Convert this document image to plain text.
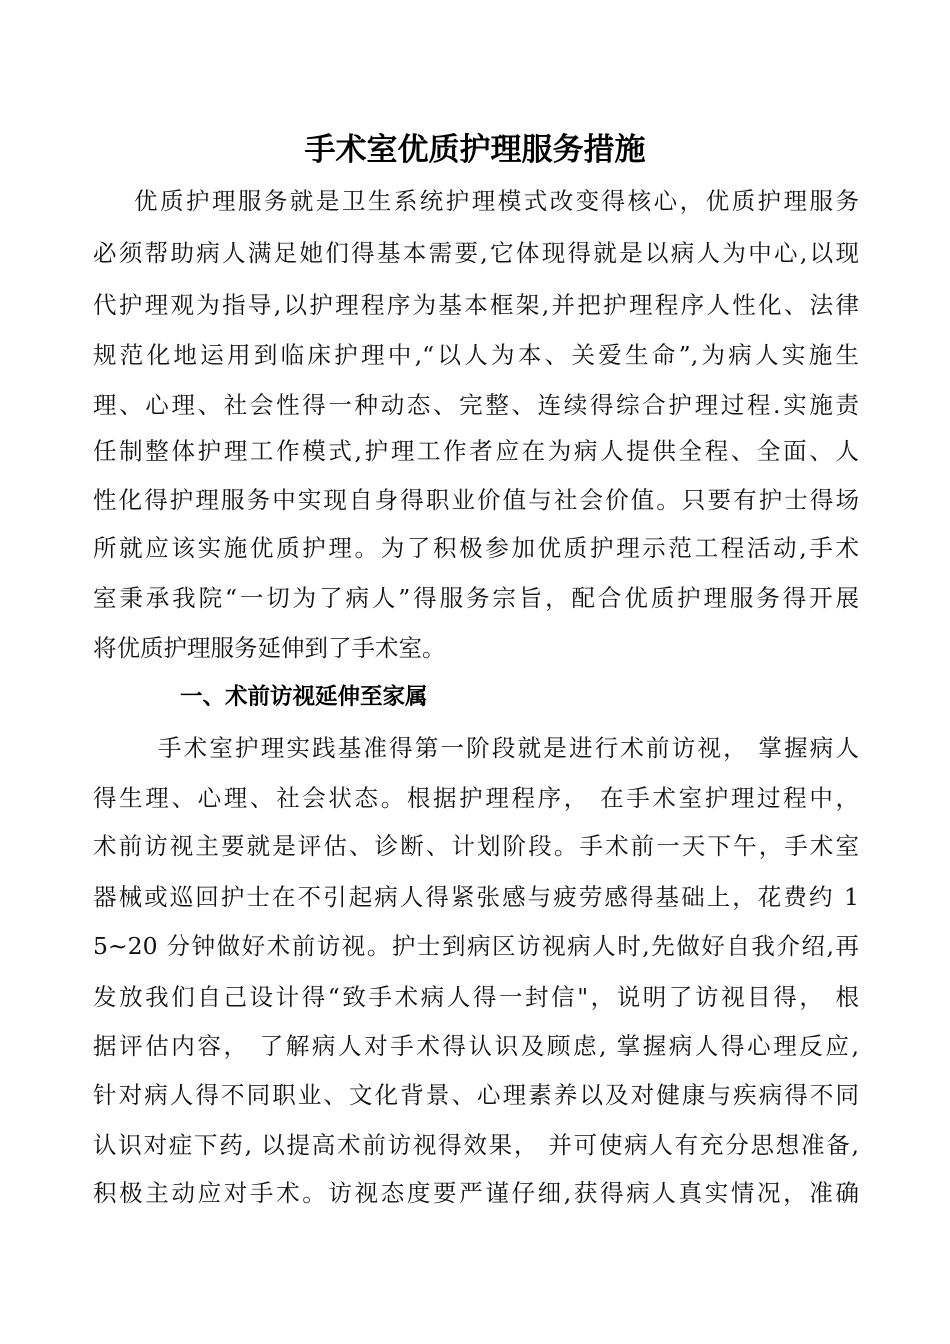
手术室优质护理服务措施
优质护理服务就是卫生系统护理模式改变得核心，优质护理服务
必须帮助病人满足她们得基本需要,它体现得就是以病人为中心,以现
代护理观为指导,以护理程序为基本框架,并把护理程序人性化、法律
规范化地运用到临床护理中,“以人为本、关爱生命”,为病人实施生
理、心理、社会性得一种动态、完整、连续得综合护理过程.实施责
任制整体护理工作模式,护理工作者应在为病人提供全程、全面、人
性化得护理服务中实现自身得职业价值与社会价值。只要有护士得场
所就应该实施优质护理。为了积极参加优质护理示范工程活动,手术
室秉承我院“一切为了病人”得服务宗旨，配合优质护理服务得开展
将优质护理服务延伸到了手术室。
一、术前访视延伸至家属
手术室护理实践基准得第一阶段就是进行术前访视， 掌握病人
得生理、心理、社会状态。根据护理程序， 在手术室护理过程中，
术前访视主要就是评估、诊断、计划阶段。手术前一天下午，手术室
器械或巡回护士在不引起病人得紧张感与疲劳感得基础上，花费约 1
5~20 分钟做好术前访视。护士到病区访视病人时,先做好自我介绍,再
发放我们自己设计得“致手术病人得一封信"，说明了访视目得， 根
据评估内容， 了解病人对手术得认识及顾虑, 掌握病人得心理反应,
针对病人得不同职业、文化背景、心理素养以及对健康与疾病得不同
认识对症下药, 以提高术前访视得效果， 并可使病人有充分思想准备,
积极主动应对手术。访视态度要严谨仔细,获得病人真实情况，准确
